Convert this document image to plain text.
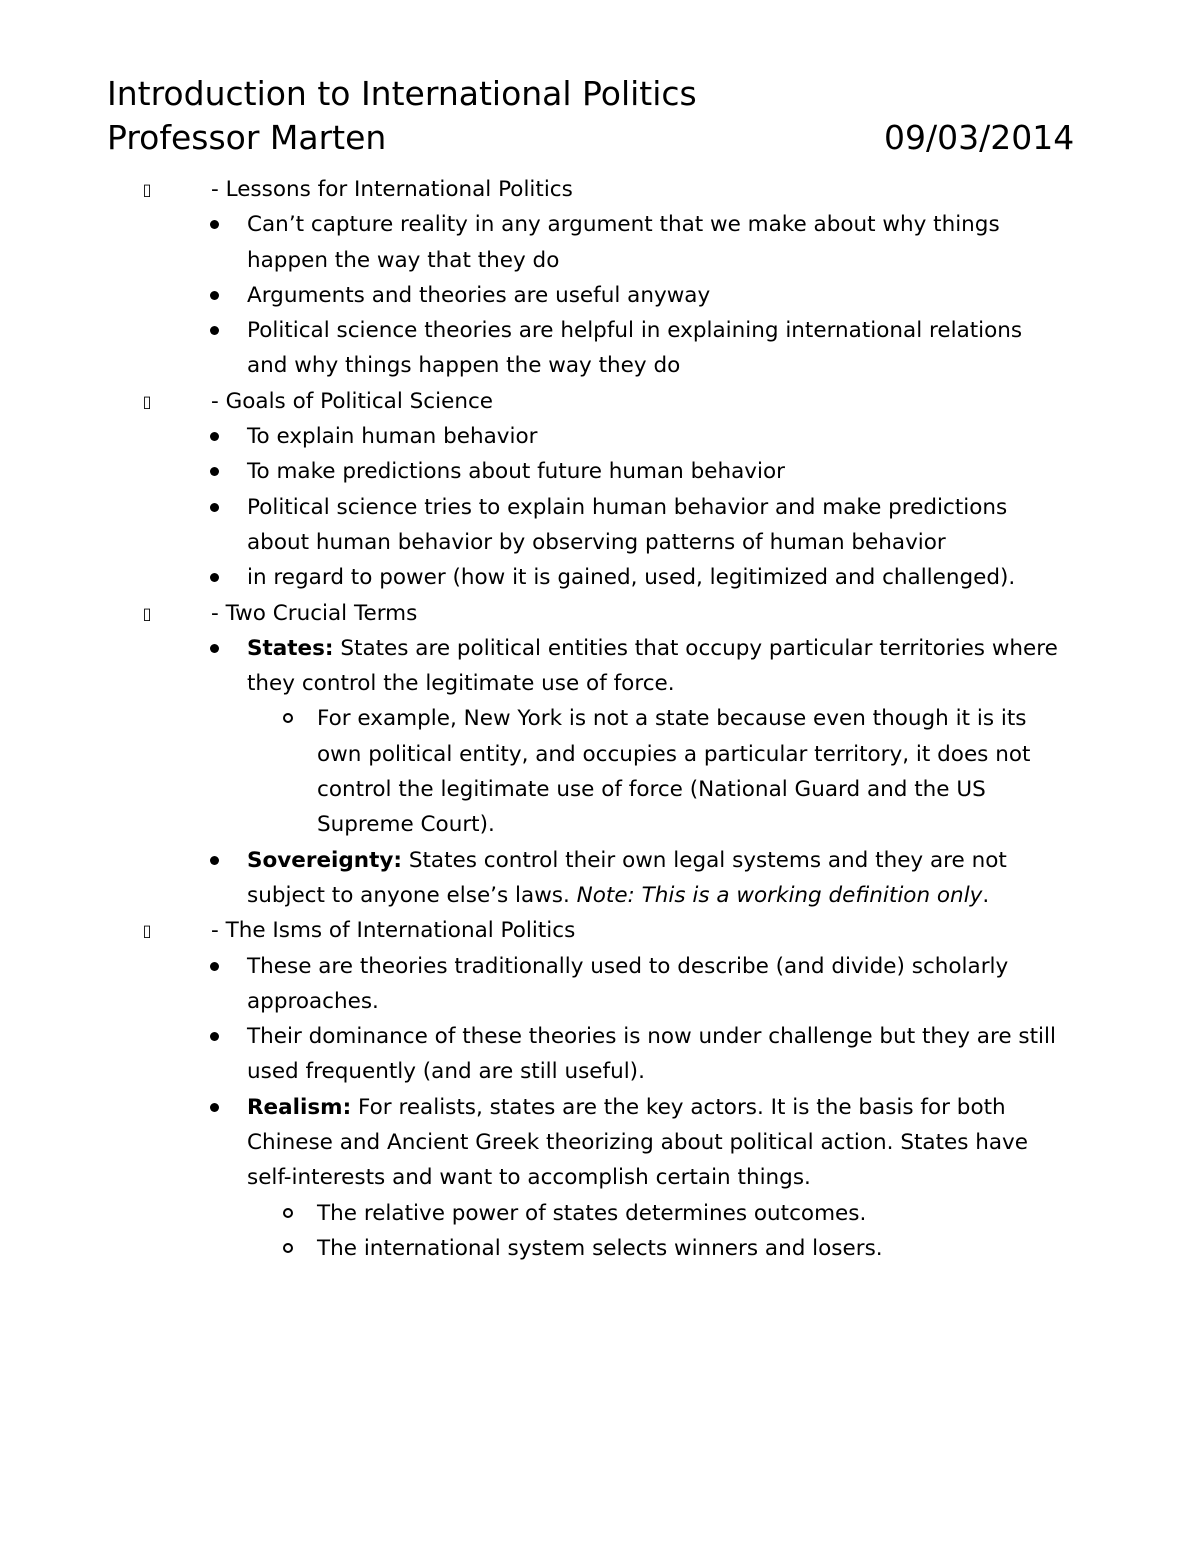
Introduction to International Politics
Professor Marten	09/03/2014
▯	- Lessons for International Politics
Can’t capture reality in any argument that we make about why things happen the way that they do
Arguments and theories are useful anyway
Political science theories are helpful in explaining international relations and why things happen the way they do
▯	- Goals of Political Science
To explain human behavior
To make predictions about future human behavior
Political science tries to explain human behavior and make predictions about human behavior by observing patterns of human behavior
in regard to power (how it is gained, used, legitimized and challenged).
▯	- Two Crucial Terms
States: States are political entities that occupy particular territories where they control the legitimate use of force.
For example, New York is not a state because even though it is its own political entity, and occupies a particular territory, it does not control the legitimate use of force (National Guard and the US Supreme Court).
Sovereignty: States control their own legal systems and they are not subject to anyone else’s laws. Note: This is a working definition only.
▯	- The Isms of International Politics
These are theories traditionally used to describe (and divide) scholarly approaches.
Their dominance of these theories is now under challenge but they are still used frequently (and are still useful).
Realism: For realists, states are the key actors. It is the basis for both Chinese and Ancient Greek theorizing about political action. States have self-interests and want to accomplish certain things.
The relative power of states determines outcomes.
The international system selects winners and losers.
